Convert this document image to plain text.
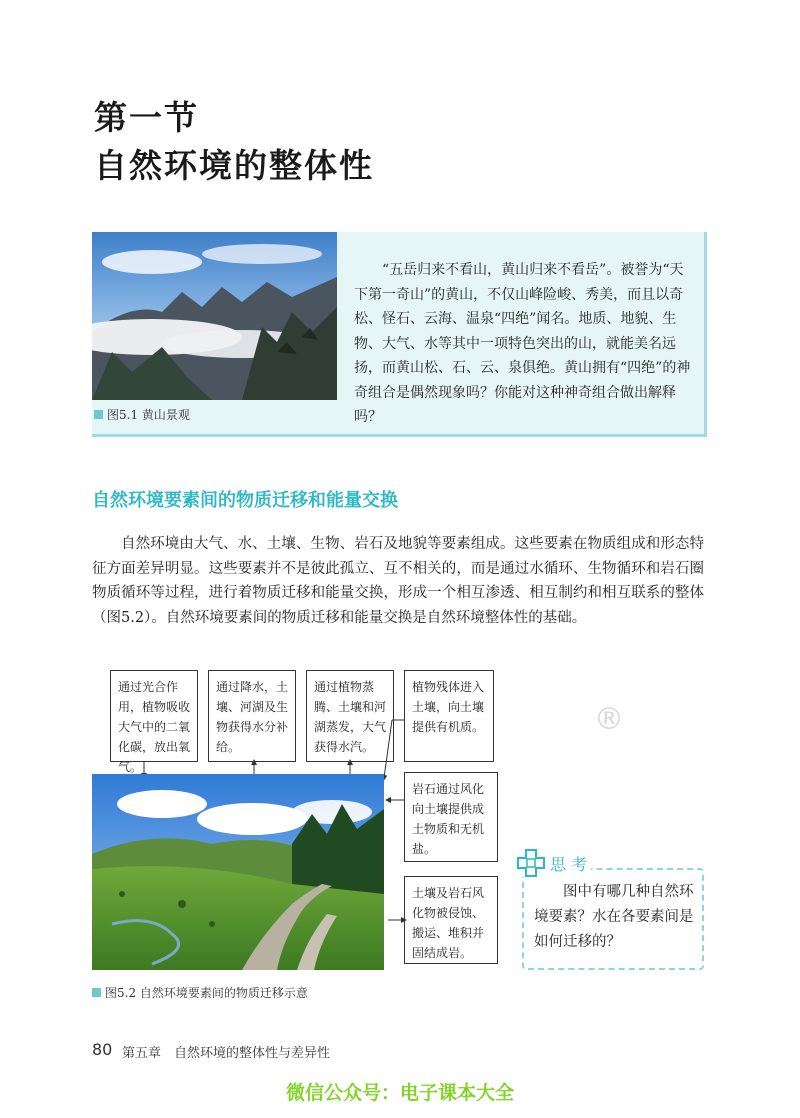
第一节
自然环境的整体性
图5.1 黄山景观
“五岳归来不看山，黄山归来不看岳”。被誉为“天下第一奇山”的黄山，不仅山峰险峻、秀美，而且以奇松、怪石、云海、温泉“四绝”闻名。地质、地貌、生物、大气、水等其中一项特色突出的山，就能美名远扬，而黄山松、石、云、泉俱绝。黄山拥有“四绝”的神奇组合是偶然现象吗？你能对这种神奇组合做出解释吗？
自然环境要素间的物质迁移和能量交换
自然环境由大气、水、土壤、生物、岩石及地貌等要素组成。这些要素在物质组成和形态特征方面差异明显。这些要素并不是彼此孤立、互不相关的，而是通过水循环、生物循环和岩石圈物质循环等过程，进行着物质迁移和能量交换，形成一个相互渗透、相互制约和相互联系的整体（图5.2）。自然环境要素间的物质迁移和能量交换是自然环境整体性的基础。
通过光合作用，植物吸收大气中的二氧化碳，放出氧气。
通过降水，土壤、河湖及生物获得水分补给。
通过植物蒸腾、土壤和河湖蒸发，大气获得水汽。
植物残体进入土壤，向土壤提供有机质。
岩石通过风化向土壤提供成土物质和无机盐。
土壤及岩石风化物被侵蚀、搬运、堆积并固结成岩。
图5.2 自然环境要素间的物质迁移示意
®
思 考
图中有哪几种自然环境要素？水在各要素间是如何迁移的？
80 第五章　自然环境的整体性与差异性
微信公众号：电子课本大全
